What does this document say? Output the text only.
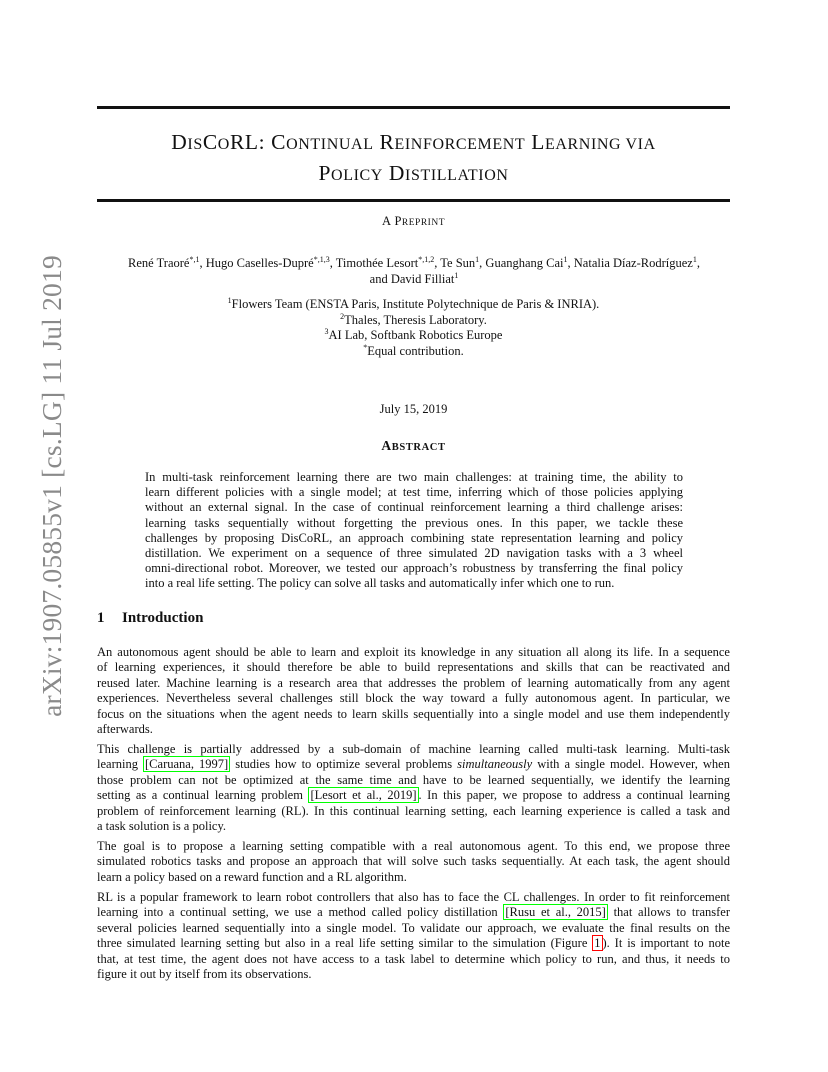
arXiv:1907.05855v1 [cs.LG] 11 Jul 2019
DISCORL: CONTINUAL REINFORCEMENT LEARNING VIA
POLICY DISTILLATION
A PREPRINT
René Traoré$^{*,1}$, Hugo Caselles-Dupré$^{*,1,3}$, Timothée Lesort$^{*,1,2}$, Te Sun$^1$, Guanghang Cai$^1$, Natalia Díaz-Rodríguez$^1$,
and David Filliat$^1$
$^1$Flowers Team (ENSTA Paris, Institute Polytechnique de Paris & INRIA).
$^2$Thales, Theresis Laboratory.
$^3$AI Lab, Softbank Robotics Europe
*Equal contribution.
July 15, 2019
ABSTRACT
In multi-task reinforcement learning there are two main challenges: at training time, the ability to
learn different policies with a single model; at test time, inferring which of those policies applying
without an external signal. In the case of continual reinforcement learning a third challenge arises:
learning tasks sequentially without forgetting the previous ones. In this paper, we tackle these
challenges by proposing DisCoRL, an approach combining state representation learning and policy
distillation. We experiment on a sequence of three simulated 2D navigation tasks with a 3 wheel
omni-directional robot. Moreover, we tested our approach’s robustness by transferring the final policy
into a real life setting. The policy can solve all tasks and automatically infer which one to run.
1 Introduction
An autonomous agent should be able to learn and exploit its knowledge in any situation all along its life. In a sequence
of learning experiences, it should therefore be able to build representations and skills that can be reactivated and
reused later. Machine learning is a research area that addresses the problem of learning automatically from any agent
experiences. Nevertheless several challenges still block the way toward a fully autonomous agent. In particular, we
focus on the situations when the agent needs to learn skills sequentially into a single model and use them independently
afterwards.
This challenge is partially addressed by a sub-domain of machine learning called multi-task learning. Multi-task
learning [Caruana, 1997] studies how to optimize several problems simultaneously with a single model. However, when
those problem can not be optimized at the same time and have to be learned sequentially, we identify the learning
setting as a continual learning problem [Lesort et al., 2019] . In this paper, we propose to address a continual learning
problem of reinforcement learning (RL). In this continual learning setting, each learning experience is called a task and
a task solution is a policy.
The goal is to propose a learning setting compatible with a real autonomous agent. To this end, we propose three
simulated robotics tasks and propose an approach that will solve such tasks sequentially. At each task, the agent should
learn a policy based on a reward function and a RL algorithm.
RL is a popular framework to learn robot controllers that also has to face the CL challenges. In order to fit reinforcement
learning into a continual setting, we use a method called policy distillation [Rusu et al., 2015] that allows to transfer
several policies learned sequentially into a single model. To validate our approach, we evaluate the final results on the
three simulated learning setting but also in a real life setting similar to the simulation (Figure 1 ). It is important to note
that, at test time, the agent does not have access to a task label to determine which policy to run, and thus, it needs to
figure it out by itself from its observations.
